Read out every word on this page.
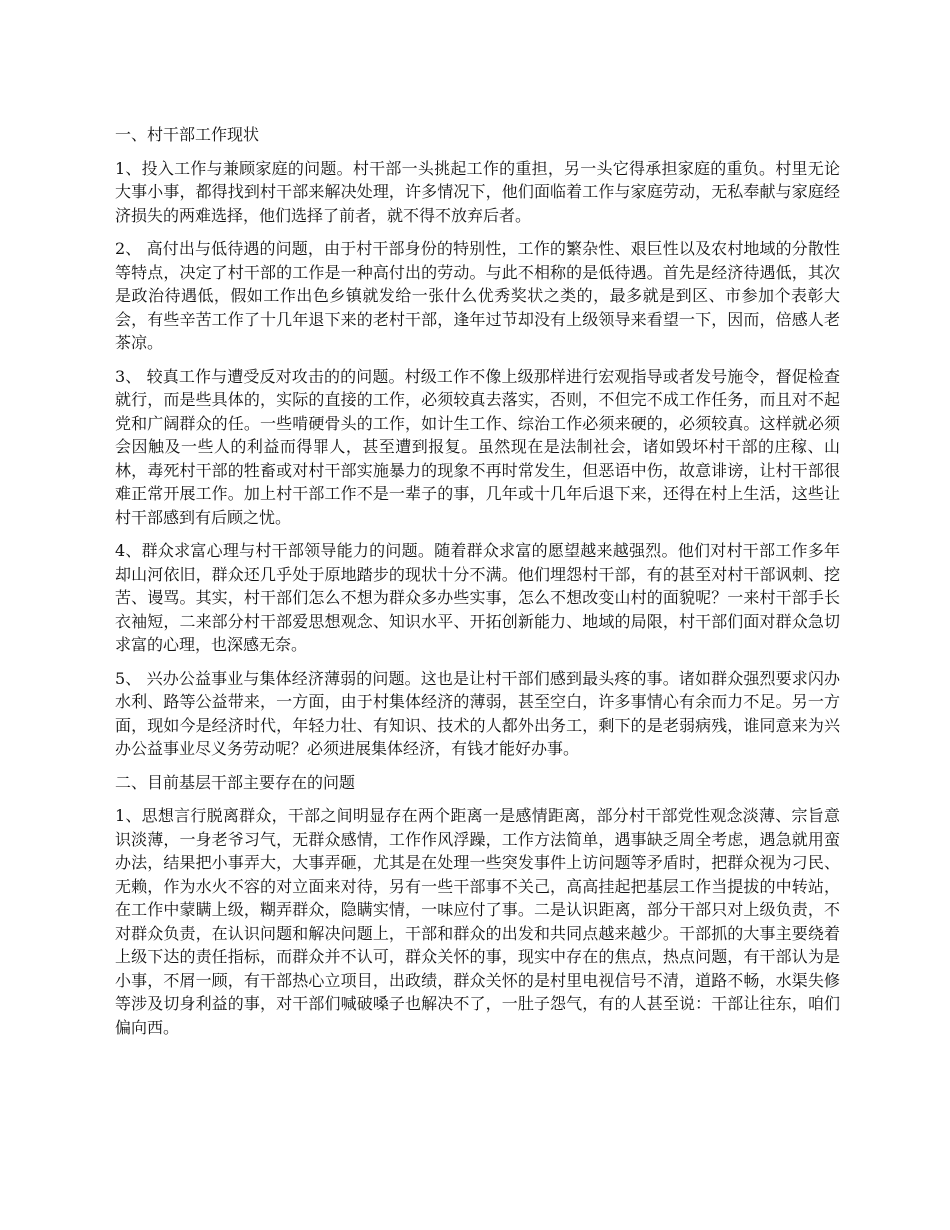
一、村干部工作现状

1、投入工作与兼顾家庭的问题。村干部一头挑起工作的重担，另一头它得承担家庭的重负。村里无论大事小事，都得找到村干部来解决处理，许多情况下，他们面临着工作与家庭劳动，无私奉献与家庭经济损失的两难选择，他们选择了前者，就不得不放弃后者。

2、 高付出与低待遇的问题，由于村干部身份的特别性，工作的繁杂性、艰巨性以及农村地域的分散性等特点，决定了村干部的工作是一种高付出的劳动。与此不相称的是低待遇。首先是经济待遇低，其次是政治待遇低，假如工作出色乡镇就发给一张什么优秀奖状之类的，最多就是到区、市参加个表彰大会，有些辛苦工作了十几年退下来的老村干部，逢年过节却没有上级领导来看望一下，因而，倍感人老茶凉。

3、 较真工作与遭受反对攻击的的问题。村级工作不像上级那样进行宏观指导或者发号施令，督促检查就行，而是些具体的，实际的直接的工作，必须较真去落实，否则，不但完不成工作任务，而且对不起党和广阔群众的任。一些啃硬骨头的工作，如计生工作、综治工作必须来硬的，必须较真。这样就必须会因触及一些人的利益而得罪人，甚至遭到报复。虽然现在是法制社会，诸如毁坏村干部的庄稼、山林，毒死村干部的牲畜或对村干部实施暴力的现象不再时常发生，但恶语中伤，故意诽谤，让村干部很难正常开展工作。加上村干部工作不是一辈子的事，几年或十几年后退下来，还得在村上生活，这些让村干部感到有后顾之忧。

4、群众求富心理与村干部领导能力的问题。随着群众求富的愿望越来越强烈。他们对村干部工作多年却山河依旧，群众还几乎处于原地踏步的现状十分不满。他们埋怨村干部，有的甚至对村干部讽刺、挖苦、谩骂。其实，村干部们怎么不想为群众多办些实事，怎么不想改变山村的面貌呢？一来村干部手长衣袖短，二来部分村干部爱思想观念、知识水平、开拓创新能力、地域的局限，村干部们面对群众急切求富的心理，也深感无奈。

5、 兴办公益事业与集体经济薄弱的问题。这也是让村干部们感到最头疼的事。诸如群众强烈要求闪办水利、路等公益带来，一方面，由于村集体经济的薄弱，甚至空白，许多事情心有余而力不足。另一方面，现如今是经济时代，年轻力壮、有知识、技术的人都外出务工，剩下的是老弱病残，谁同意来为兴办公益事业尽义务劳动呢？必须进展集体经济，有钱才能好办事。

二、目前基层干部主要存在的问题

1、思想言行脱离群众，干部之间明显存在两个距离一是感情距离，部分村干部党性观念淡薄、宗旨意识淡薄，一身老爷习气，无群众感情，工作作风浮躁，工作方法简单，遇事缺乏周全考虑，遇急就用蛮办法，结果把小事弄大，大事弄砸，尤其是在处理一些突发事件上访问题等矛盾时，把群众视为刁民、无赖，作为水火不容的对立面来对待，另有一些干部事不关己，高高挂起把基层工作当提拔的中转站，在工作中蒙瞒上级，糊弄群众，隐瞒实情，一味应付了事。二是认识距离，部分干部只对上级负责，不对群众负责，在认识问题和解决问题上，干部和群众的出发和共同点越来越少。干部抓的大事主要绕着上级下达的责任指标，而群众并不认可，群众关怀的事，现实中存在的焦点，热点问题，有干部认为是小事，不屑一顾，有干部热心立项目，出政绩，群众关怀的是村里电视信号不清，道路不畅，水渠失修等涉及切身利益的事，对干部们喊破嗓子也解决不了，一肚子怨气，有的人甚至说：干部让往东，咱们偏向西。
